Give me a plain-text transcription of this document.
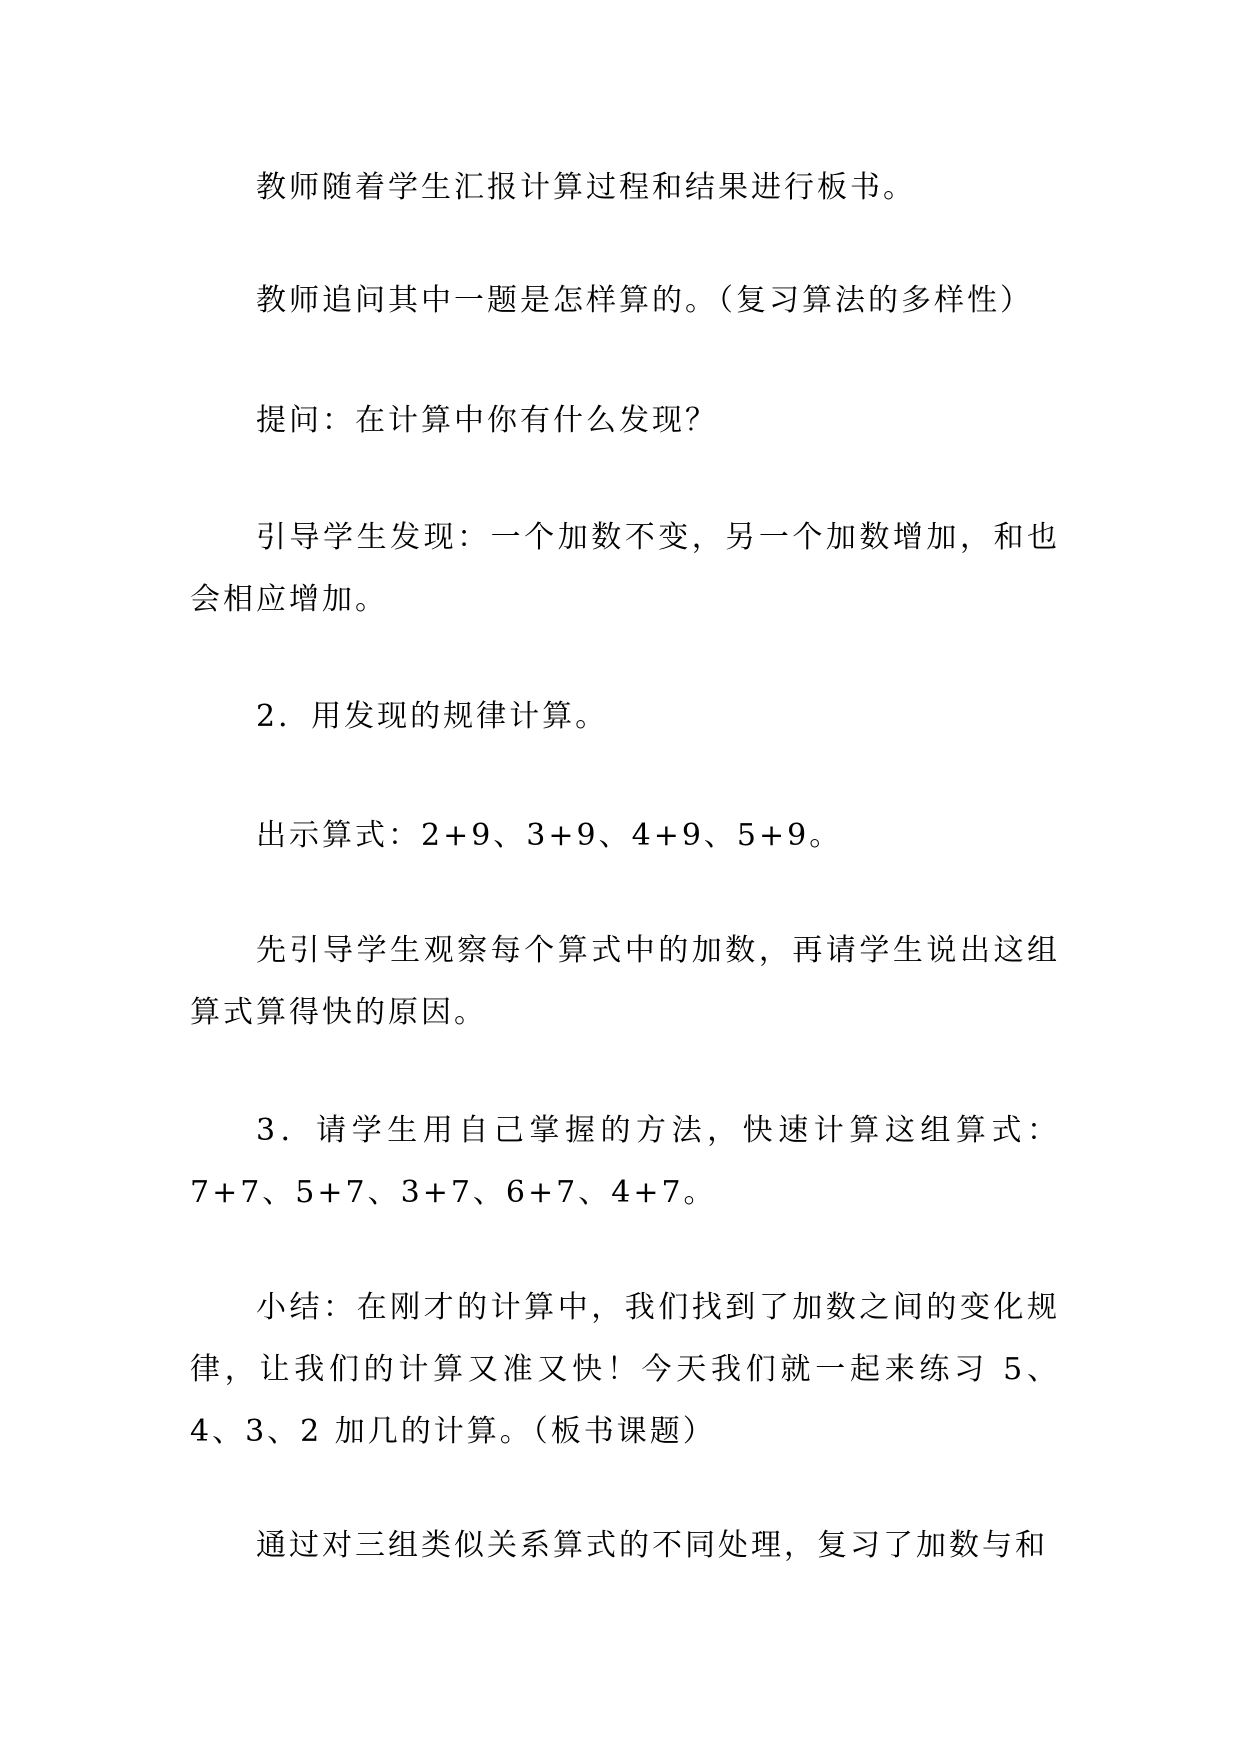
教师随着学生汇报计算过程和结果进行板书。

教师追问其中一题是怎样算的。（复习算法的多样性）

提问：在计算中你有什么发现？

引导学生发现：一个加数不变，另一个加数增加，和也会相应增加。

2．用发现的规律计算。

出示算式：2+9、3+9、4+9、5+9。

先引导学生观察每个算式中的加数，再请学生说出这组算式算得快的原因。

3．请学生用自己掌握的方法，快速计算这组算式：7+7、5+7、3+7、6+7、4+7。

小结：在刚才的计算中，我们找到了加数之间的变化规律，让我们的计算又准又快！今天我们就一起来练习 5、4、3、2 加几的计算。（板书课题）

通过对三组类似关系算式的不同处理，复习了加数与和
